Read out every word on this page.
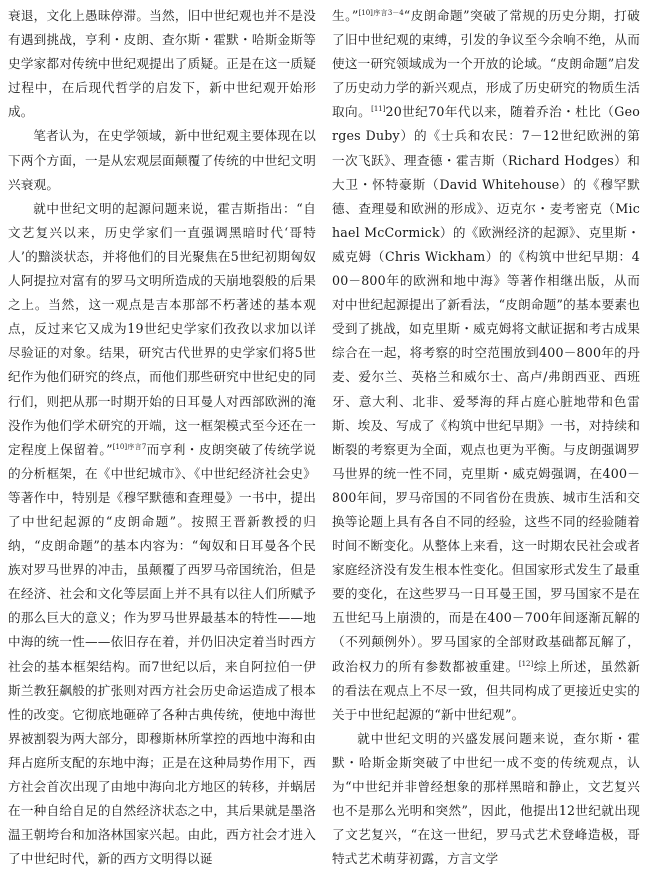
衰退，文化上愚昧停滞。当然，旧中世纪观也并不是没有遇到挑战，亨利・皮朗、查尔斯・霍默・哈斯金斯等史学家都对传统中世纪观提出了质疑。正是在这一质疑过程中，在后现代哲学的启发下，新中世纪观开始形成。

笔者认为，在史学领域，新中世纪观主要体现在以下两个方面，一是从宏观层面颠覆了传统的中世纪文明兴衰观。

就中世纪文明的起源问题来说，霍吉斯指出：“自文艺复兴以来，历史学家们一直强调黑暗时代‘哥特人’的黯淡状态，并将他们的目光聚焦在5世纪初期匈奴人阿提拉对富有的罗马文明所造成的天崩地裂般的后果之上。当然，这一观点是吉本那部不朽著述的基本观点，反过来它又成为19世纪史学家们孜孜以求加以详尽验证的对象。结果，研究古代世界的史学家们将5世纪作为他们研究的终点，而他们那些研究中世纪史的同行们，则把从那一时期开始的日耳曼人对西部欧洲的淹没作为他们学术研究的开端，这一框架模式至今还在一定程度上保留着。”$^{[10]序言7}$而亨利・皮朗突破了传统学说的分析框架，在《中世纪城市》、《中世纪经济社会史》等著作中，特别是《穆罕默德和查理曼》一书中，提出了中世纪起源的“皮朗命题”。按照王晋新教授的归纳，“皮朗命题”的基本内容为：“匈奴和日耳曼各个民族对罗马世界的冲击，虽颠覆了西罗马帝国统治，但是在经济、社会和文化等层面上并不具有以往人们所赋予的那么巨大的意义；作为罗马世界最基本的特性——地中海的统一性——依旧存在着，并仍旧决定着当时西方社会的基本框架结构。而7世纪以后，来自阿拉伯一伊斯兰教狂飙般的扩张则对西方社会历史命运造成了根本性的改变。它彻底地砸碎了各种古典传统，使地中海世界被割裂为两大部分，即穆斯林所掌控的西地中海和由拜占庭所支配的东地中海；正是在这种局势作用下，西方社会首次出现了由地中海向北方地区的转移，并蜗居在一种自给自足的自然经济状态之中，其后果就是墨洛温王朝垮台和加洛林国家兴起。由此，西方社会才进入了中世纪时代，新的西方文明得以诞

生。”$^{[10]序言3-4}$“皮朗命题”突破了常规的历史分期，打破了旧中世纪观的束缚，引发的争议至今余响不绝，从而使这一研究领域成为一个开放的论域。“皮朗命题”启发了历史动力学的新兴观点，形成了历史研究的物质生活取向。[11]20世纪70年代以来，随着乔治・杜比（Georges Duby）的《士兵和农民：7－12世纪欧洲的第一次飞跃》、理查德・霍吉斯（Richard Hodges）和大卫・怀特豪斯（David Whitehouse）的《穆罕默德、查理曼和欧洲的形成》、迈克尔・麦考密克（Michael McCormick）的《欧洲经济的起源》、克里斯・威克姆（Chris Wickham）的《构筑中世纪早期：400－800年的欧洲和地中海》等著作相继出版，从而对中世纪起源提出了新看法，“皮朗命题”的基本要素也受到了挑战，如克里斯・威克姆将文献证据和考古成果综合在一起，将考察的时空范围放到400－800年的丹麦、爱尔兰、英格兰和威尔士、高卢/弗朗西亚、西班牙、意大利、北非、爱琴海的拜占庭心脏地带和色雷斯、埃及、写成了《构筑中世纪早期》一书，对持续和断裂的考察更为全面，观点也更为平衡。与皮朗强调罗马世界的统一性不同，克里斯・威克姆强调，在400－800年间，罗马帝国的不同省份在贵族、城市生活和交换等论题上具有各自不同的经验，这些不同的经验随着时间不断变化。从整体上来看，这一时期农民社会或者家庭经济没有发生根本性变化。但国家形式发生了最重要的变化，在这些罗马一日耳曼王国，罗马国家不是在五世纪马上崩溃的，而是在400－700年间逐渐瓦解的（不列颠例外）。罗马国家的全部财政基础都瓦解了，政治权力的所有参数都被重建。[12]综上所述，虽然新的看法在观点上不尽一致，但共同构成了更接近史实的关于中世纪起源的“新中世纪观”。

就中世纪文明的兴盛发展问题来说，查尔斯・霍默・哈斯金斯突破了中世纪一成不变的传统观点，认为“中世纪并非曾经想象的那样黑暗和静止，文艺复兴也不是那么光明和突然”，因此，他提出12世纪就出现了文艺复兴，“在这一世纪，罗马式艺术登峰造极，哥特式艺术萌芽初露，方言文学
